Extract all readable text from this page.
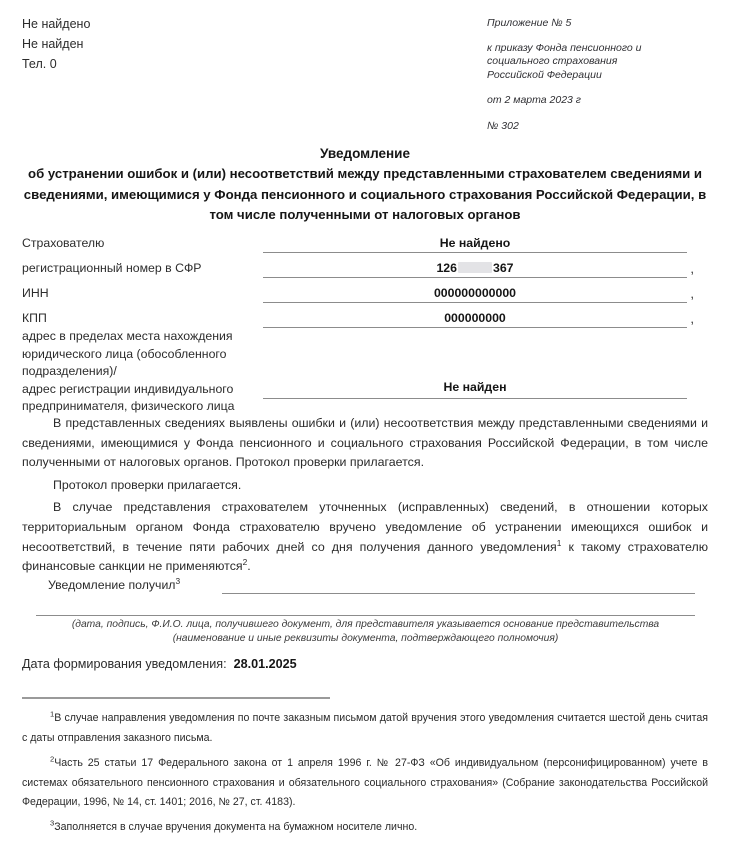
Не найдено
Не найден
Тел. 0
Приложение № 5
к приказу Фонда пенсионного и
социального страхования
Российской Федерации
от 2 марта 2023 г
№ 302
Уведомление
об устранении ошибок и (или) несоответствий между представленными страхователем сведениями и сведениями, имеющимися у Фонда пенсионного и социального страхования Российской Федерации, в том числе полученными от налоговых органов
Страхователю	Не найдено
регистрационный номер в СФР	126	367	,
ИНН	000000000000	,
КПП	000000000	,
адрес в пределах места нахождения
юридического лица (обособленного
подразделения)/
адрес регистрации индивидуального
предпринимателя, физического лица
Не найден

В представленных сведениях выявлены ошибки и (или) несоответствия между представленными сведениями и сведениями, имеющимися у Фонда пенсионного и социального страхования Российской Федерации, в том числе полученными от налоговых органов. Протокол проверки прилагается.

Протокол проверки прилагается.

В случае представления страхователем уточненных (исправленных) сведений, в отношении которых территориальным органом Фонда страхователю вручено уведомление об устранении имеющихся ошибок и несоответствий, в течение пяти рабочих дней со дня получения данного уведомления$^1$ к такому страхователю финансовые санкции не применяются$^2$.

Уведомление получил$^3$
(дата, подпись, Ф.И.О. лица, получившего документ, для представителя указывается основание представительства
(наименование и иные реквизиты документа, подтверждающего полномочия)
Дата формирования уведомления: 28.01.2025

$^1$В случае направления уведомления по почте заказным письмом датой вручения этого уведомления считается шестой день считая с даты отправления заказного письма.

$^2$Часть 25 статьи 17 Федерального закона от 1 апреля 1996 г. № 27-ФЗ «Об индивидуальном (персонифицированном) учете в системах обязательного пенсионного страхования и обязательного социального страхования» (Собрание законодательства Российской Федерации, 1996, № 14, ст. 1401; 2016, № 27, ст. 4183).

$^3$Заполняется в случае вручения документа на бумажном носителе лично.
